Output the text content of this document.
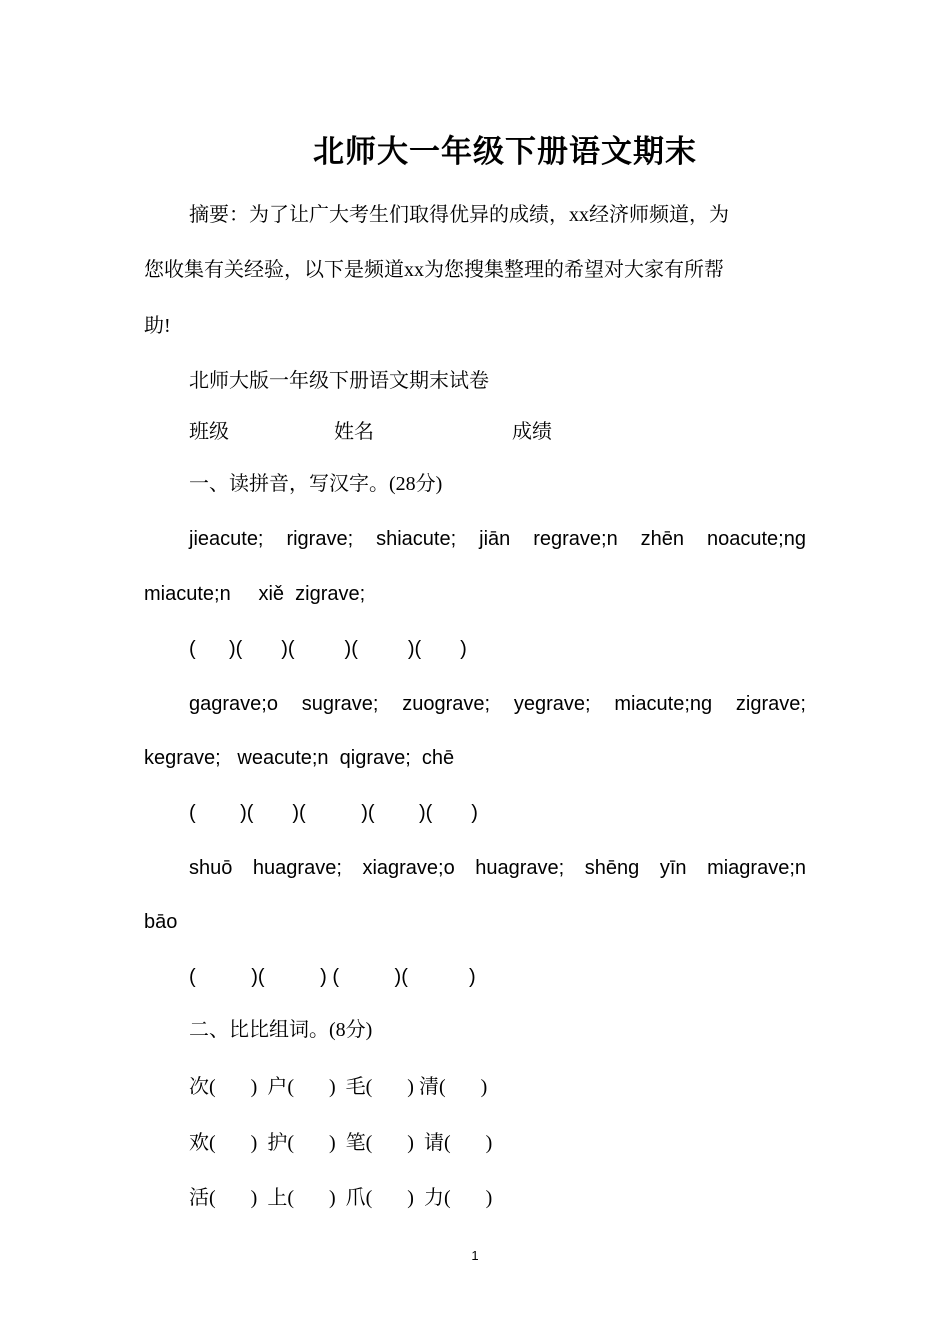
北师大一年级下册语文期末
摘要：为了让广大考生们取得优异的成绩，xx经济师频道，为
您收集有关经验，以下是频道xx为您搜集整理的希望对大家有所帮
助!
北师大版一年级下册语文期末试卷
班级	姓名	成绩
一、读拼音，写汉字。(28分)
jieacute; rigrave; shiacute; jiān regrave;n zhēn noacute;ng
miacute;n     xiě  zigrave;
(      )(       )(         )(         )(       )
gagrave;o sugrave; zuograve; yegrave; miacute;ng zigrave;
kegrave;   weacute;n  qigrave;  chē
(        )(       )(          )(        )(       )
shuō huagrave; xiagrave;o huagrave; shēng yīn miagrave;n
bāo
(          )(          ) (          )(           )
二、比比组词。(8分)
次(       )  户(       )  毛(       ) 清(       )
欢(       )  护(       )  笔(       )  请(       )
活(       )  上(       )  爪(       )  力(       )
1
